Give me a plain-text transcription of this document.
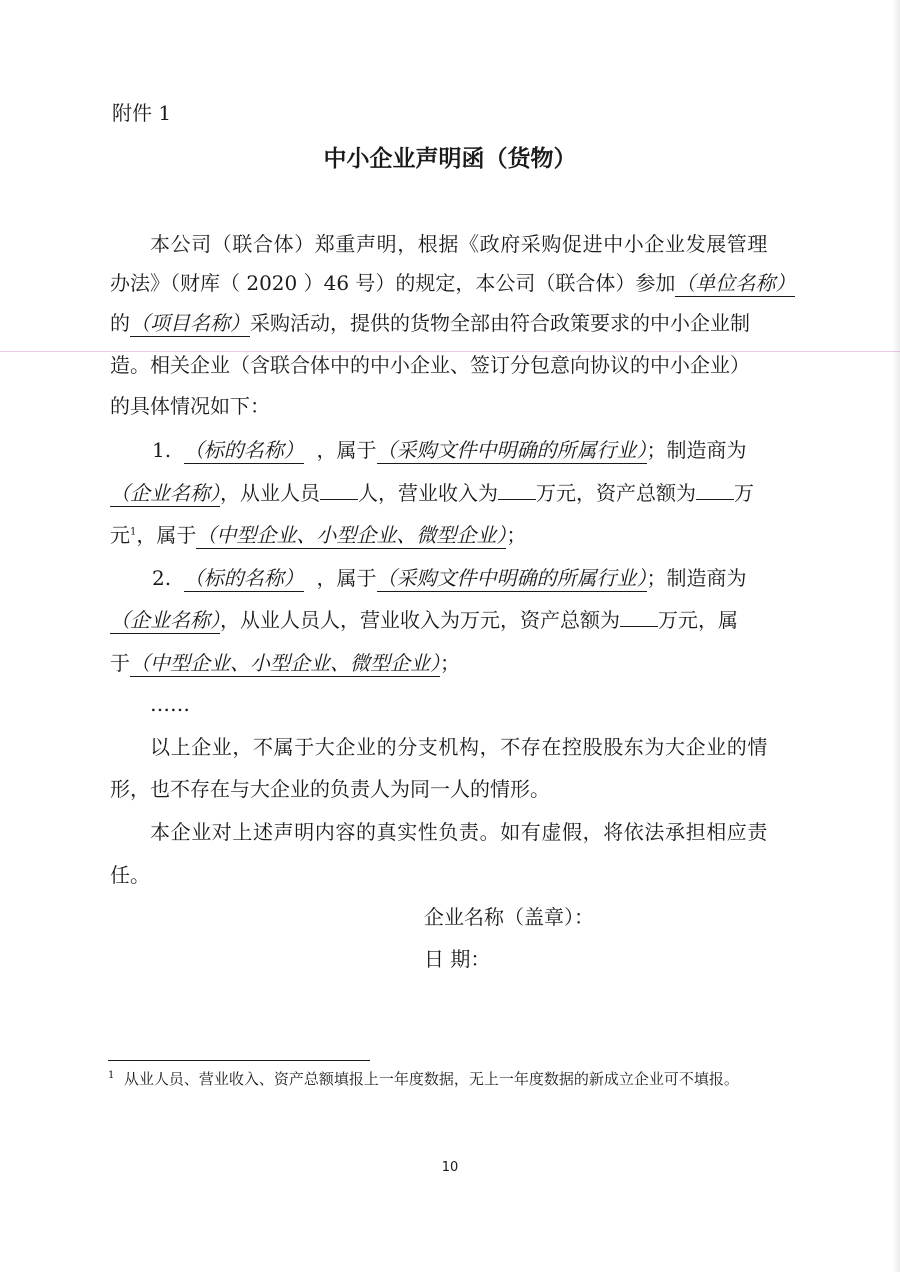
附件 1

中小企业声明函（货物）

本公司（联合体）郑重声明，根据《政府采购促进中小企业发展管理

办法》（财库（ 2020 ）46 号）的规定，本公司（联合体）参加（单位名称）

的（项目名称）采购活动，提供的货物全部由符合政策要求的中小企业制

造。相关企业（含联合体中的中小企业、签订分包意向协议的中小企业）

的具体情况如下：

1. （标的名称） ，属于（采购文件中明确的所属行业）；制造商为

（企业名称），从业人员 人，营业收入为 万元，资产总额为 万

元$^1$，属于（中型企业、小型企业、微型企业）；

2. （标的名称） ，属于（采购文件中明确的所属行业）；制造商为

（企业名称），从业人员人，营业收入为万元，资产总额为 万元，属

于（中型企业、小型企业、微型企业）；

……

以上企业，不属于大企业的分支机构，不存在控股股东为大企业的情

形，也不存在与大企业的负责人为同一人的情形。

本企业对上述声明内容的真实性负责。如有虚假，将依法承担相应责

任。

企业名称（盖章）：

日 期：

$^1$ 从业人员、营业收入、资产总额填报上一年度数据，无上一年度数据的新成立企业可不填报。

10
